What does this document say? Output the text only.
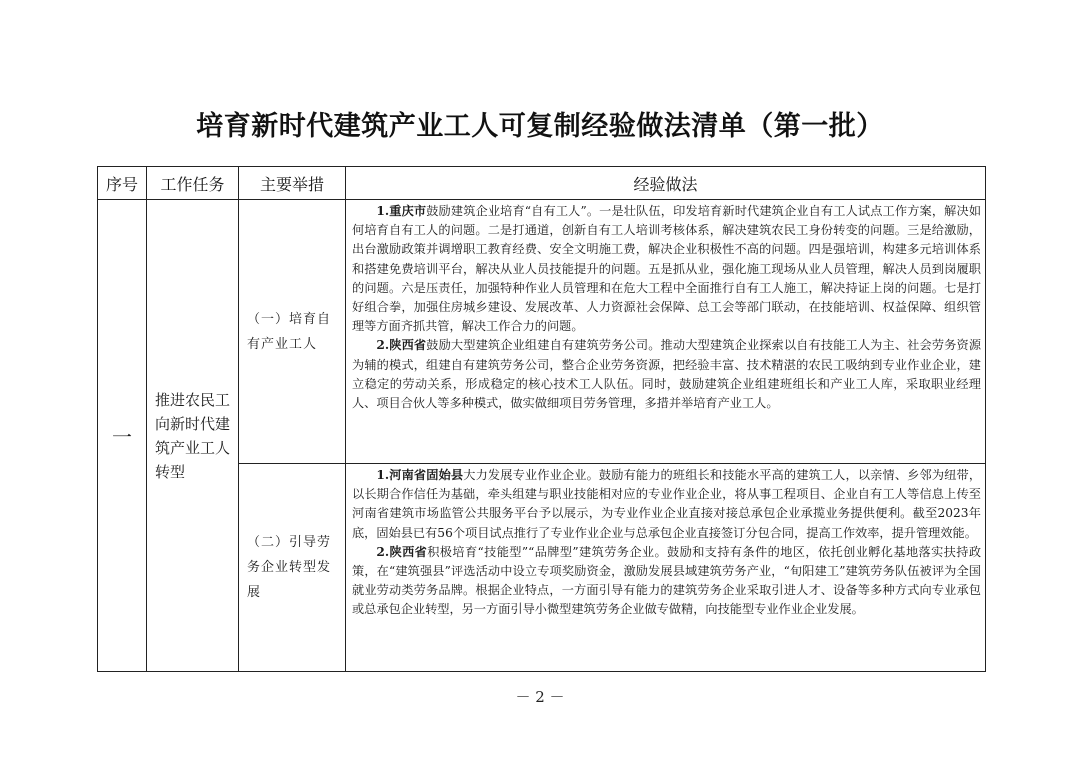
培育新时代建筑产业工人可复制经验做法清单（第一批）
序号	工作任务	主要举措	经验做法
一	推进农民工向新时代建筑产业工人转型	（一）培育自有产业工人	1.重庆市鼓励建筑企业培育“自有工人”。一是壮队伍，印发培育新时代建筑企业自有工人试点工作方案，解决如何培育自有工人的问题。二是打通道，创新自有工人培训考核体系，解决建筑农民工身份转变的问题。三是给激励，出台激励政策并调增职工教育经费、安全文明施工费，解决企业积极性不高的问题。四是强培训，构建多元培训体系和搭建免费培训平台，解决从业人员技能提升的问题。五是抓从业，强化施工现场从业人员管理，解决人员到岗履职的问题。六是压责任，加强特种作业人员管理和在危大工程中全面推行自有工人施工，解决持证上岗的问题。七是打好组合拳，加强住房城乡建设、发展改革、人力资源社会保障、总工会等部门联动，在技能培训、权益保障、组织管理等方面齐抓共管，解决工作合力的问题。

2.陕西省鼓励大型建筑企业组建自有建筑劳务公司。推动大型建筑企业探索以自有技能工人为主、社会劳务资源为辅的模式，组建自有建筑劳务公司，整合企业劳务资源，把经验丰富、技术精湛的农民工吸纳到专业作业企业，建立稳定的劳动关系，形成稳定的核心技术工人队伍。同时，鼓励建筑企业组建班组长和产业工人库，采取职业经理人、项目合伙人等多种模式，做实做细项目劳务管理，多措并举培育产业工人。

		（二）引导劳务企业转型发展	1.河南省固始县大力发展专业作业企业。鼓励有能力的班组长和技能水平高的建筑工人，以亲情、乡邻为纽带，以长期合作信任为基础，牵头组建与职业技能相对应的专业作业企业，将从事工程项目、企业自有工人等信息上传至河南省建筑市场监管公共服务平台予以展示，为专业作业企业直接对接总承包企业承揽业务提供便利。截至2023年底，固始县已有56个项目试点推行了专业作业企业与总承包企业直接签订分包合同，提高工作效率，提升管理效能。

2.陕西省积极培育“技能型”“品牌型”建筑劳务企业。鼓励和支持有条件的地区，依托创业孵化基地落实扶持政策，在“建筑强县”评选活动中设立专项奖励资金，激励发展县域建筑劳务产业，“旬阳建工”建筑劳务队伍被评为全国就业劳动类劳务品牌。根据企业特点，一方面引导有能力的建筑劳务企业采取引进人才、设备等多种方式向专业承包或总承包企业转型，另一方面引导小微型建筑劳务企业做专做精，向技能型专业作业企业发展。

－ 2 －
